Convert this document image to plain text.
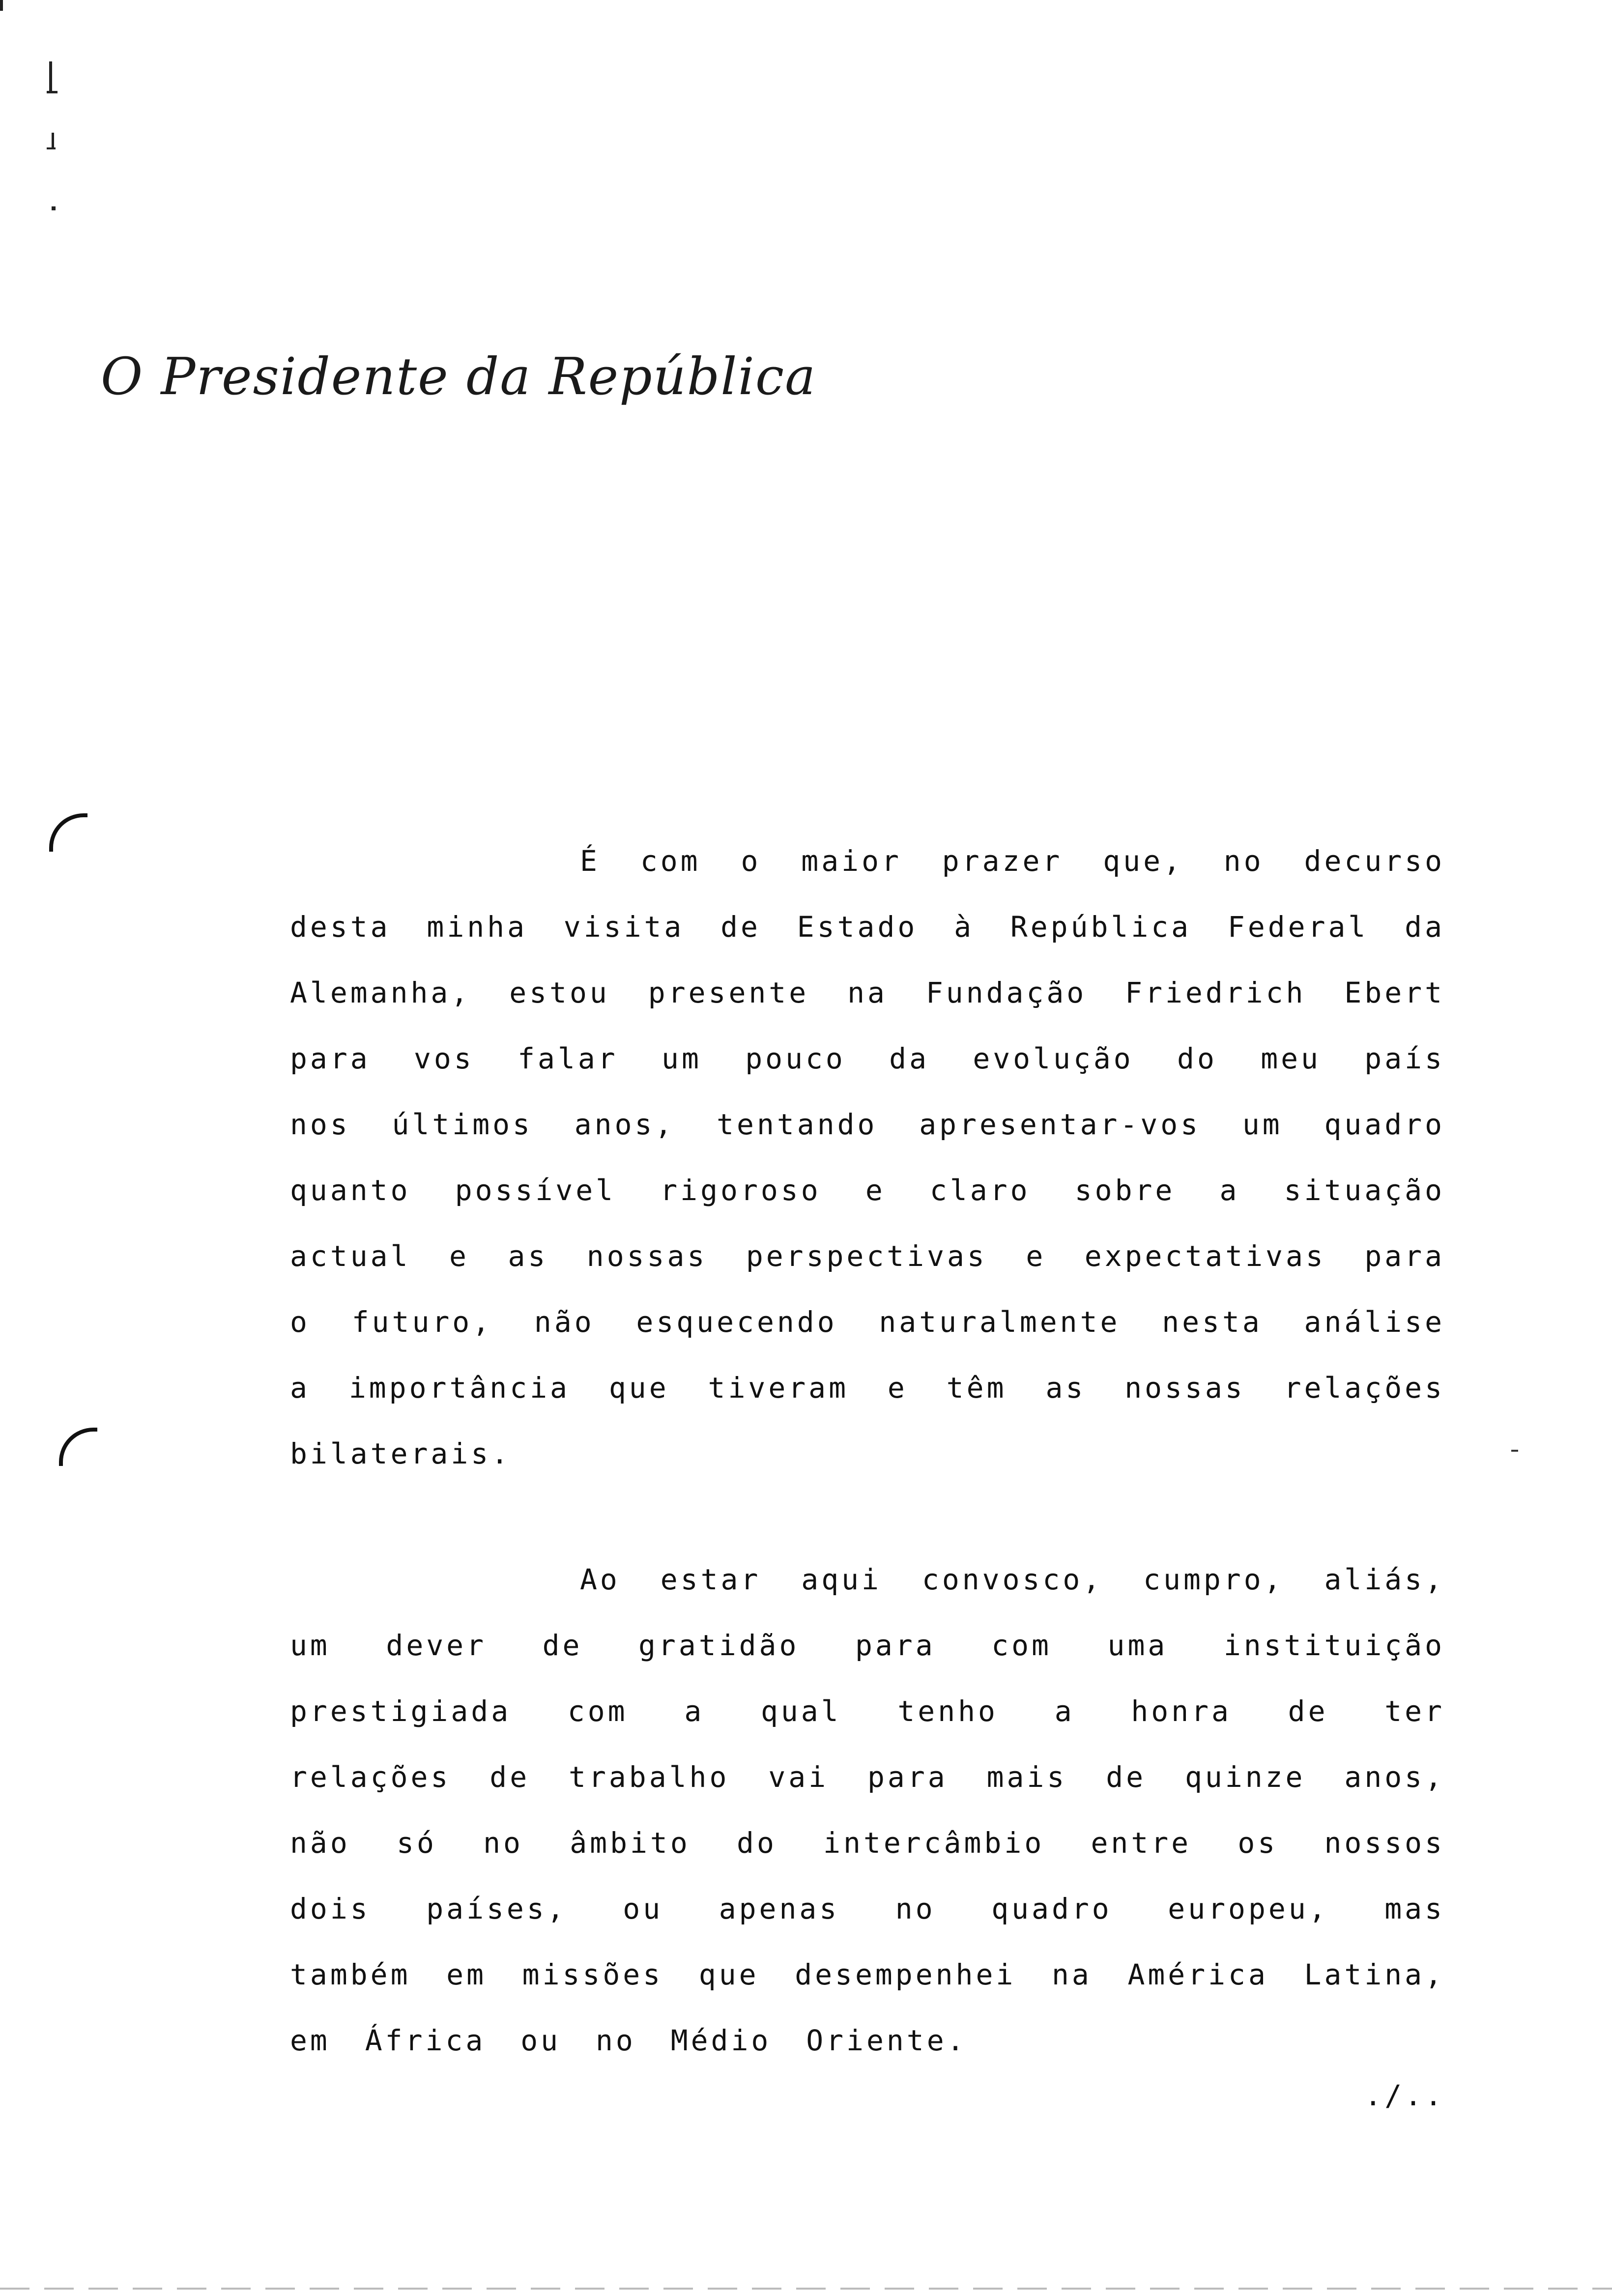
O Presidente da República
É com o maior prazer que, no decurso desta minha visita de Estado à República Federal da Alemanha, estou presente na Fundação Friedrich Ebert para vos falar um pouco da evolução do meu país nos últimos anos, tentando apresentar-vos um quadro quanto possível rigoroso e claro sobre a situação actual e as nossas perspectivas e expectativas para o futuro, não esquecendo naturalmente nesta análise a importância que tiveram e têm as nossas relações bilaterais.
Ao estar aqui convosco, cumpro, aliás, um dever de gratidão para com uma instituição prestigiada com a qual tenho a honra de ter relações de trabalho vai para mais de quinze anos, não só no âmbito do intercâmbio entre os nossos dois países, ou apenas no quadro europeu, mas também em missões que desempenhei na América Latina, em África ou no Médio Oriente.
./..
